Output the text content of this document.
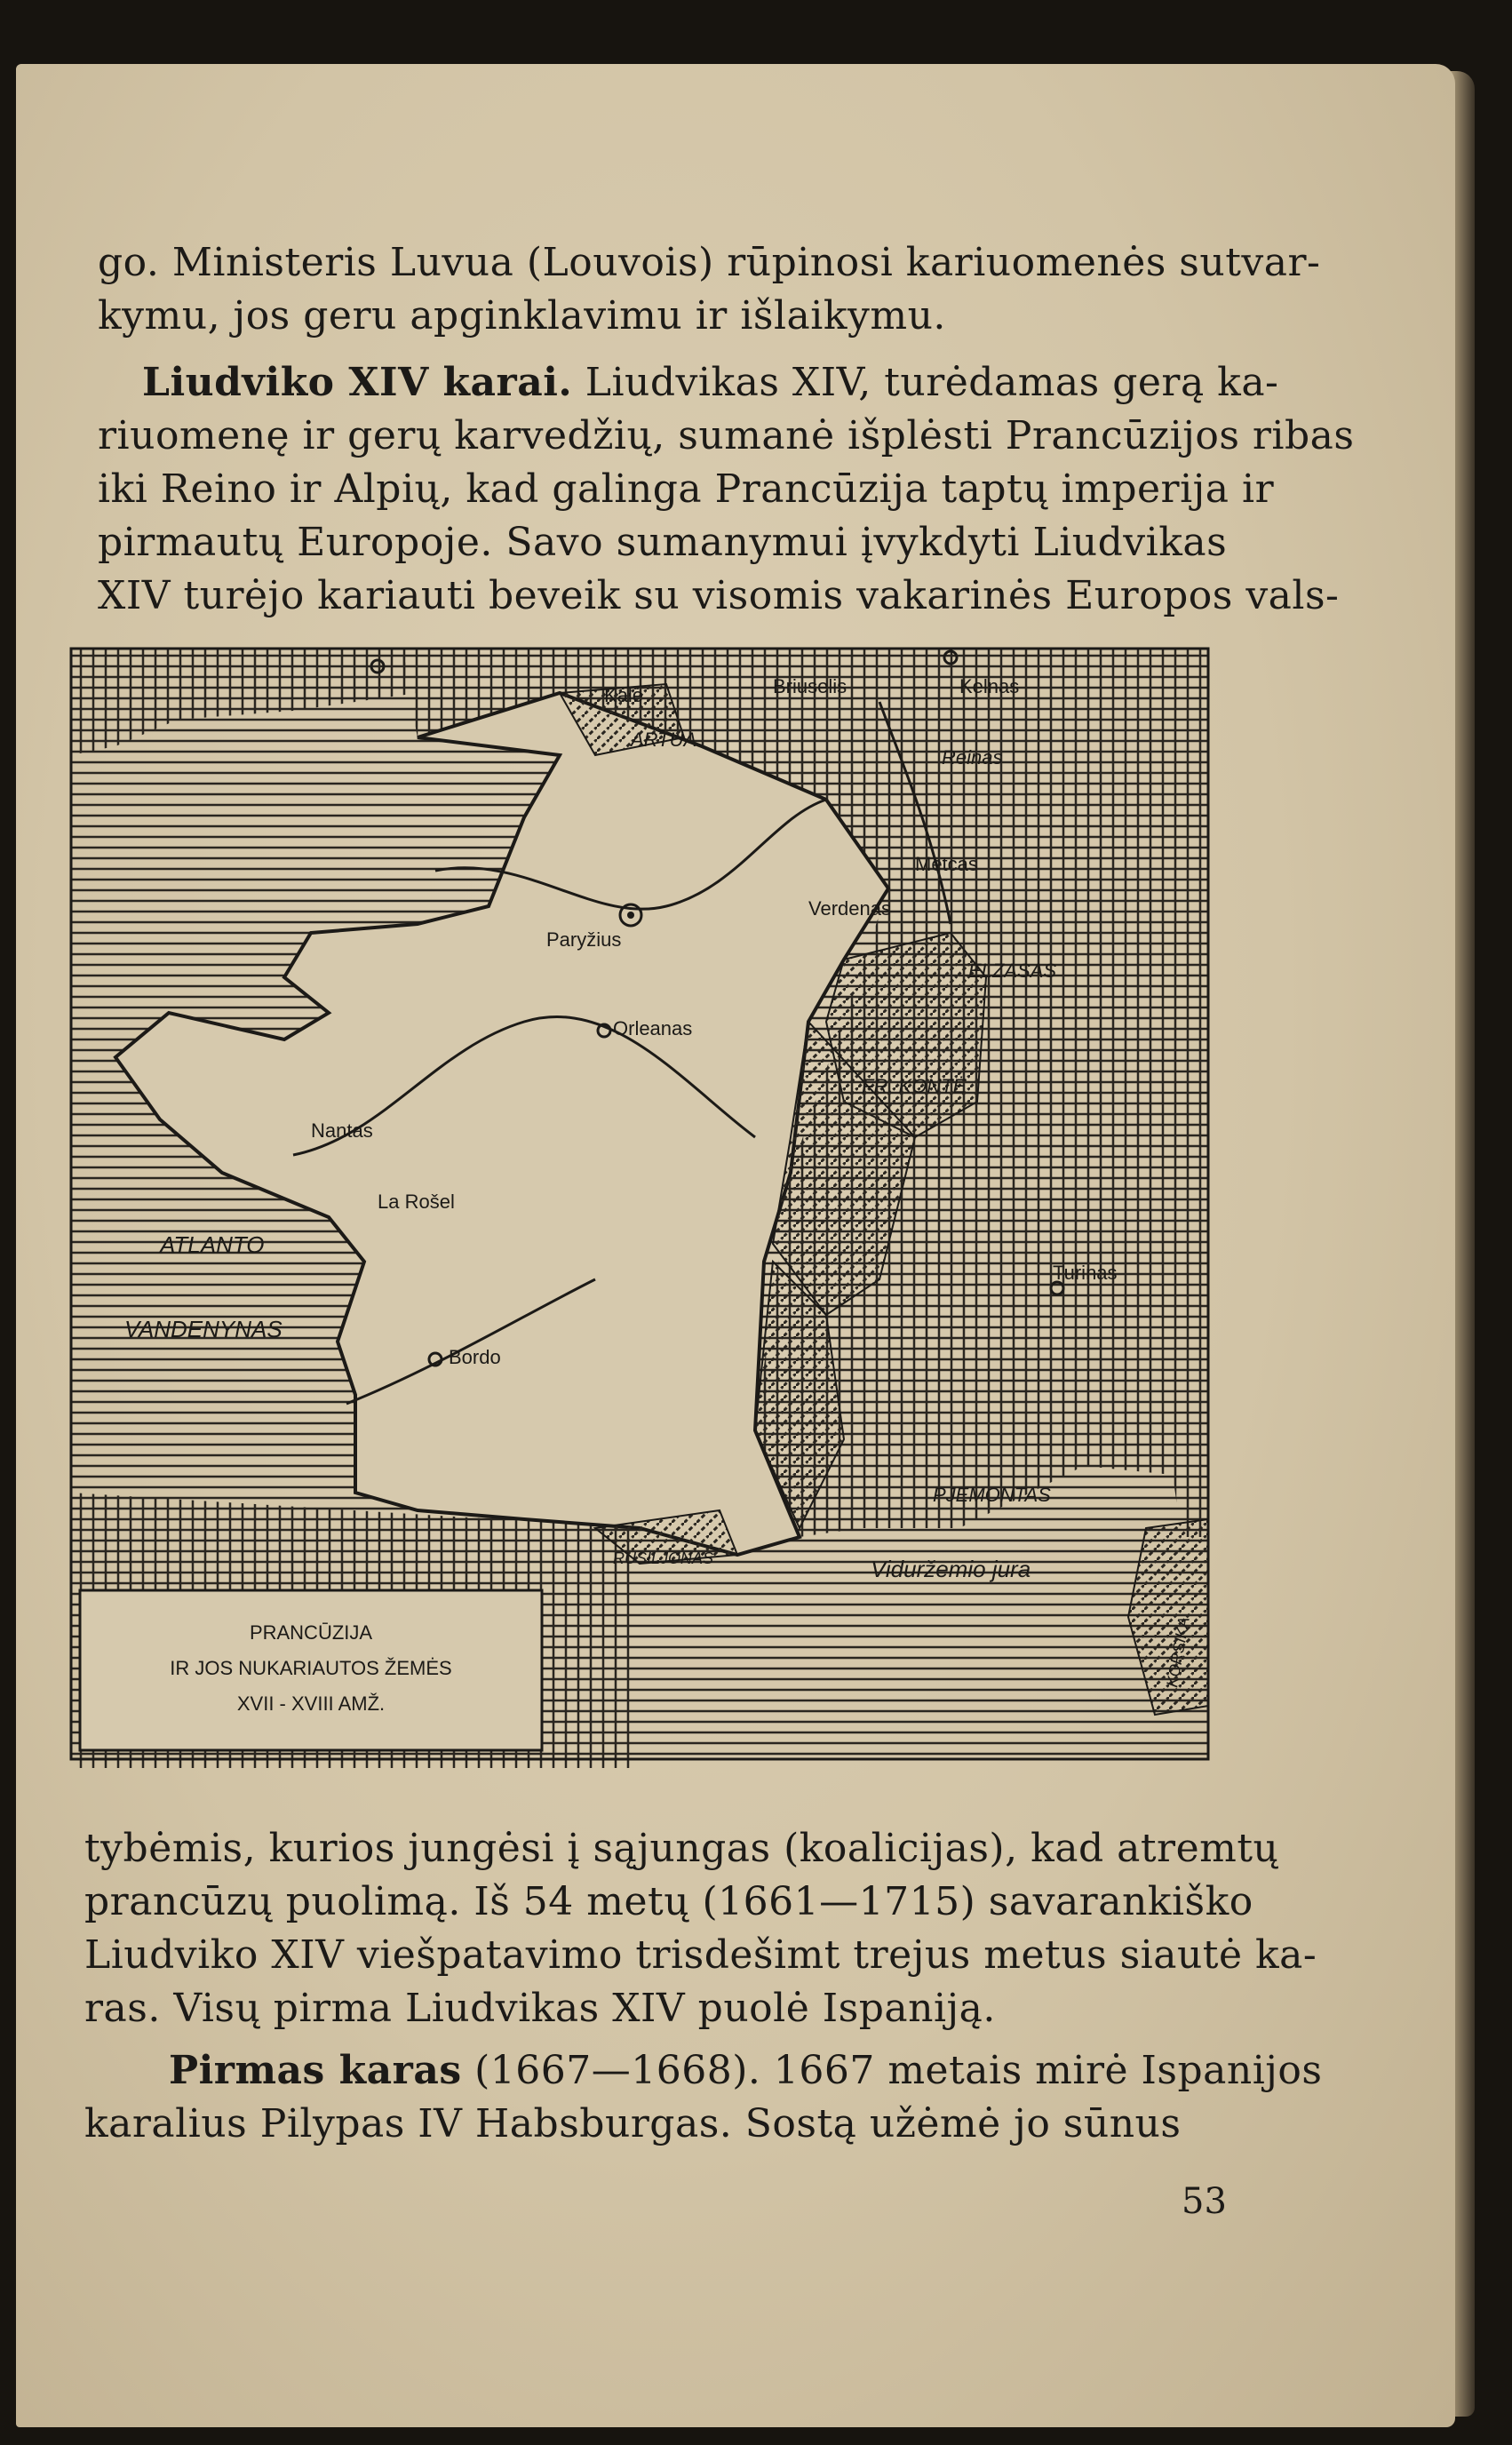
go. Ministeris Luvua (Louvois) rūpinosi kariuomenės sutvar-
kymu, jos geru apginklavimu ir išlaikymu.
Liudviko XIV karai. Liudvikas XIV, turėdamas gerą ka-
riuomenę ir gerų karvedžių, sumanė išplėsti Prancūzijos ribas
iki Reino ir Alpių, kad galinga Prancūzija taptų imperija ir
pirmautų Europoje. Savo sumanymui įvykdyti Liudvikas
XIV turėjo kariauti beveik su visomis vakarinės Europos vals-
Kalė
ARTUA
Briuselis	Kelnas
Reinas
Metcas
Verdenas
ELZASAS
Paryžius
Orleanas
FR. KONTĖ
Nantas
La Rošel
ATLANTO
VANDENYNAS
Bordo
Turinas
PJEMONTAS
RUSILJONAS	Viduržemio jūra
KORSIKA
PRANCŪZIJA
IR JOS NUKARIAUTOS ŽEMĖS
XVII - XVIII AMŽ.
tybėmis, kurios jungėsi į sąjungas (koalicijas), kad atremtų
prancūzų puolimą. Iš 54 metų (1661—1715) savarankiško
Liudviko XIV viešpatavimo trisdešimt trejus metus siautė ka-
ras. Visų pirma Liudvikas XIV puolė Ispaniją.
Pirmas karas (1667—1668). 1667 metais mirė Ispanijos
karalius Pilypas IV Habsburgas. Sostą užėmė jo sūnus
53
